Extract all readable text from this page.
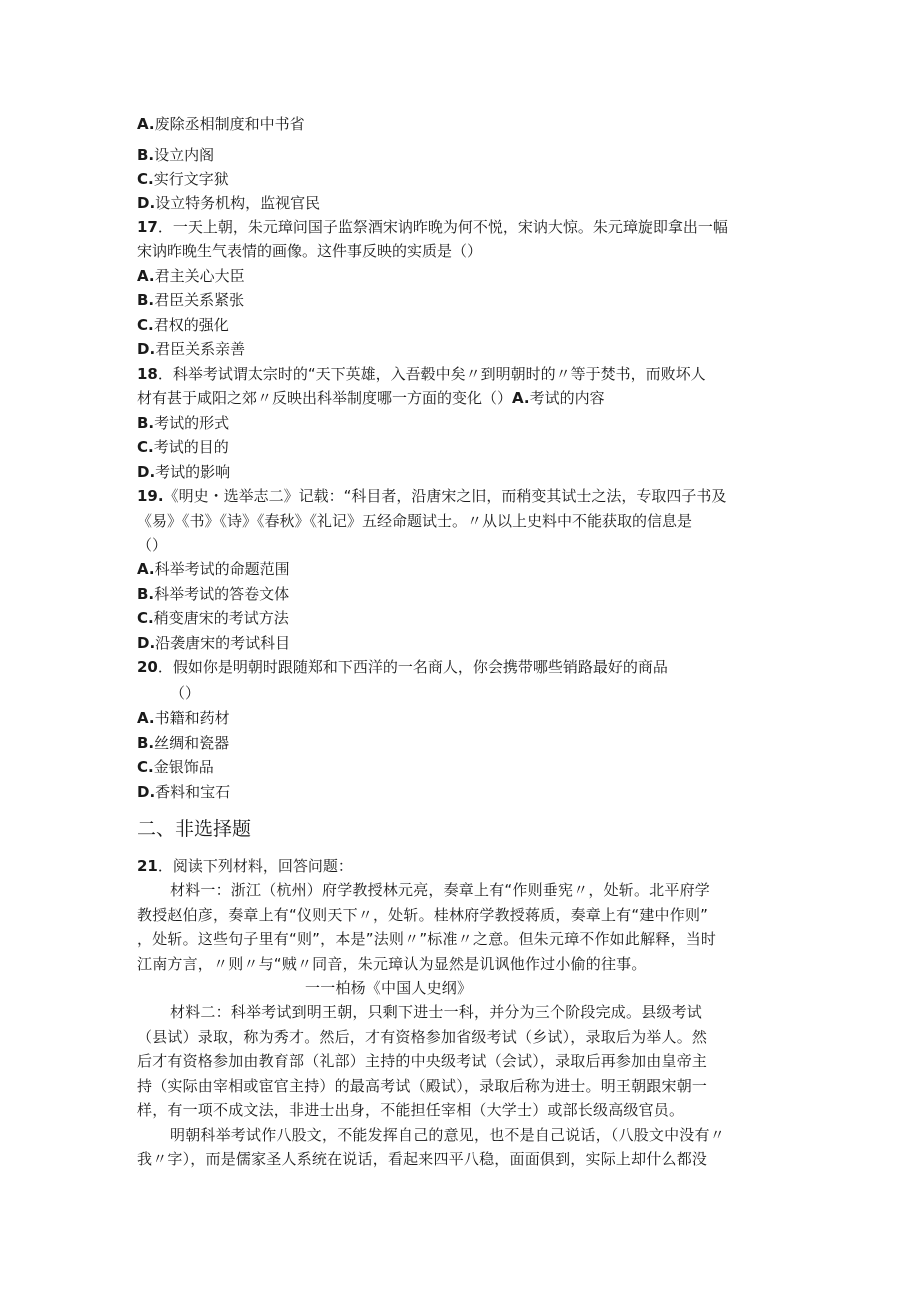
A.废除丞相制度和中书省
B.设立内阁
C.实行文字狱
D.设立特务机构，监视官民
17．一天上朝，朱元璋问国子监祭酒宋讷昨晚为何不悦，宋讷大惊。朱元璋旋即拿出一幅
宋讷昨晚生气表情的画像。这件事反映的实质是（）
A.君主关心大臣
B.君臣关系紧张
C.君权的强化
D.君臣关系亲善
18．科举考试谓太宗时的“天下英雄，入吾毂中矣〃到明朝时的〃等于焚书，而败坏人
材有甚于咸阳之郊〃反映出科举制度哪一方面的变化（）A.考试的内容
B.考试的形式
C.考试的目的
D.考试的影响
19.《明史・选举志二》记载：“科目者，沿唐宋之旧，而稍变其试士之法，专取四子书及
《易》《书》《诗》《春秋》《礼记》五经命题试士。〃从以上史料中不能获取的信息是
（）
A.科举考试的命题范围
B.科举考试的答卷文体
C.稍变唐宋的考试方法
D.沿袭唐宋的考试科目
20．假如你是明朝时跟随郑和下西洋的一名商人，你会携带哪些销路最好的商品
（）
A.书籍和药材
B.丝绸和瓷器
C.金银饰品
D.香料和宝石
二、非选择题
21．阅读下列材料，回答问题：
材料一：浙江（杭州）府学教授林元亮，奏章上有“作则垂宪〃，处斩。北平府学
教授赵伯彦，奏章上有“仪则天下〃，处斩。桂林府学教授蒋质，奏章上有“建中作则”
，处斩。这些句子里有“则”，本是”法则〃”标准〃之意。但朱元璋不作如此解释，当时
江南方言，〃则〃与“贼〃同音，朱元璋认为显然是讥讽他作过小偷的往事。
一一柏杨《中国人史纲》
材料二：科举考试到明王朝，只剩下进士一科，并分为三个阶段完成。县级考试
（县试）录取，称为秀才。然后，才有资格参加省级考试（乡试），录取后为举人。然
后才有资格参加由教育部（礼部）主持的中央级考试（会试），录取后再参加由皇帝主
持（实际由宰相或宦官主持）的最高考试（殿试），录取后称为进士。明王朝跟宋朝一
样，有一项不成文法，非进士出身，不能担任宰相（大学士）或部长级高级官员。
明朝科举考试作八股文，不能发挥自己的意见，也不是自己说话，（八股文中没有〃
我〃字），而是儒家圣人系统在说话，看起来四平八稳，面面俱到，实际上却什么都没
